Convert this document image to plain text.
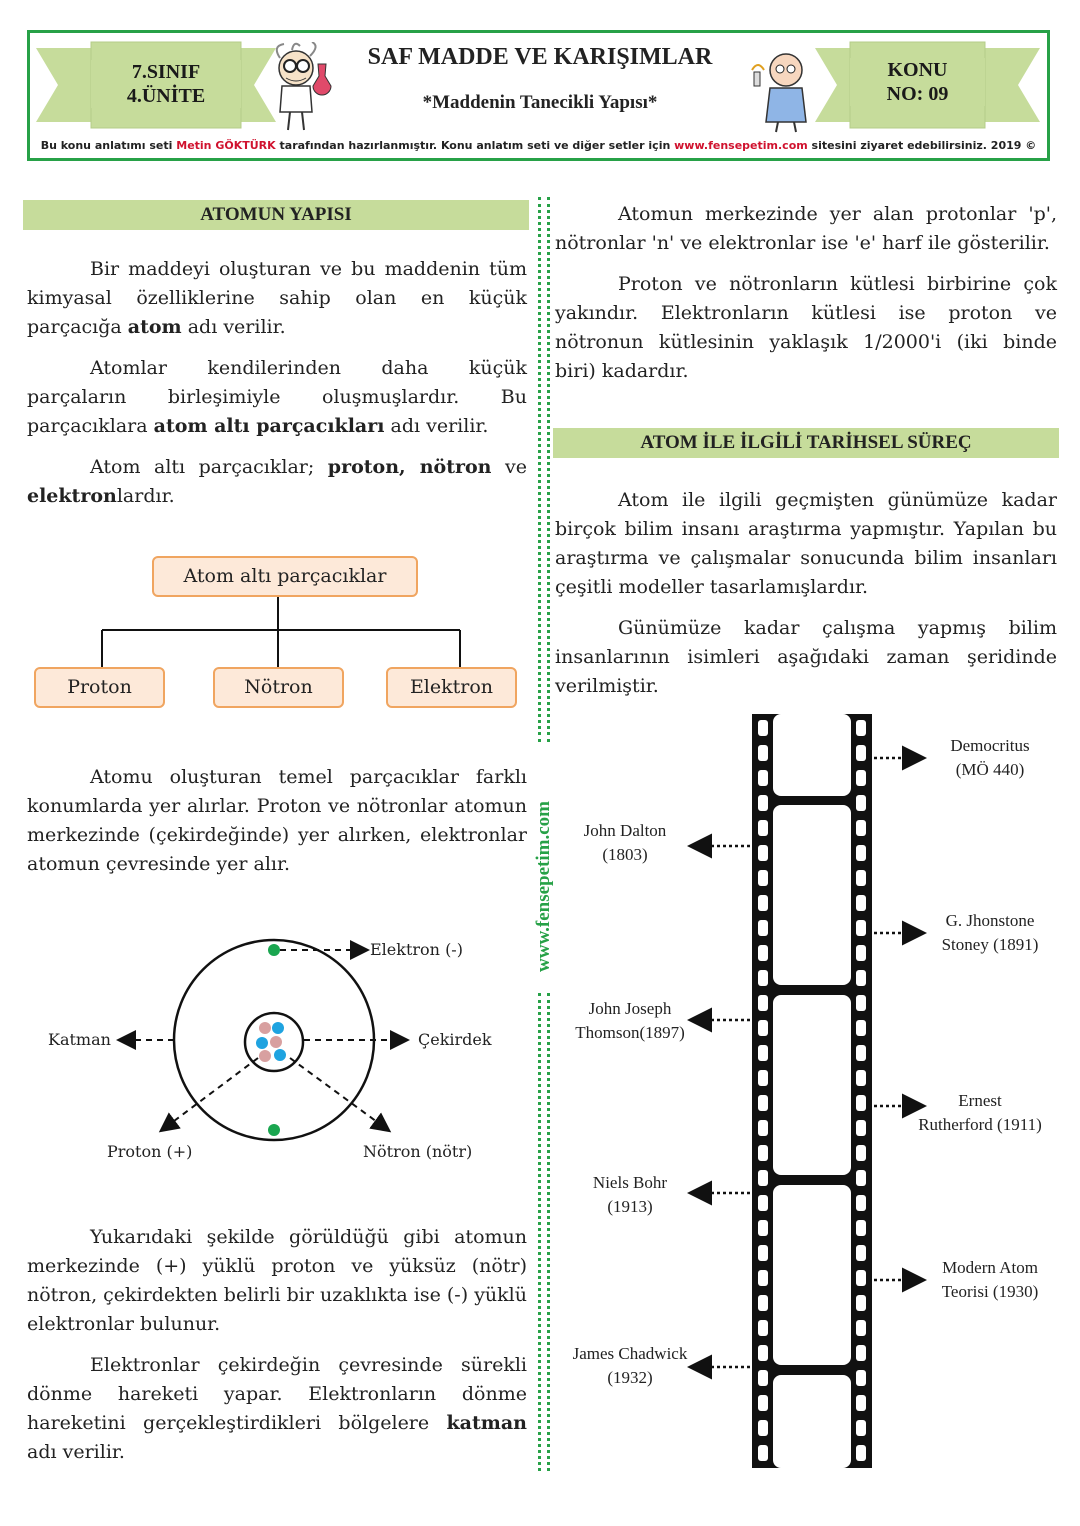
7.SINIF
4.ÜNİTE
KONU
NO: 09
SAF MADDE VE KARIŞIMLAR
*Maddenin Tanecikli Yapısı*
Bu konu anlatımı seti Metin GÖKTÜRK tarafından hazırlanmıştır. Konu anlatım seti ve diğer setler için www.fensepetim.com sitesini ziyaret edebilirsiniz. 2019 ©
www.fensepetim.com
ATOMUN YAPISI

Bir maddeyi oluşturan ve bu maddenin tüm kimyasal özelliklerine sahip olan en küçük parçacığa atom adı verilir.

Atomlar kendilerinden daha küçük parçaların birleşimiyle oluşmuşlardır. Bu parçacıklara atom altı parçacıkları adı verilir.

Atom altı parçacıklar; proton, nötron ve elektronlardır.

Atom altı parçacıklar
Proton	Nötron	Elektron

Atomu oluşturan temel parçacıklar farklı konumlarda yer alırlar. Proton ve nötronlar atomun merkezinde (çekirdeğinde) yer alırken, elektronlar atomun çevresinde yer alır.

Elektron (-)
Katman	Çekirdek
Proton (+)	Nötron (nötr)

Yukarıdaki şekilde görüldüğü gibi atomun merkezinde (+) yüklü proton ve yüksüz (nötr) nötron, çekirdekten belirli bir uzaklıkta ise (-) yüklü elektronlar bulunur.

Elektronlar çekirdeğin çevresinde sürekli dönme hareketi yapar. Elektronların dönme hareketini gerçekleştirdikleri bölgelere katman adı verilir.

Atomun merkezinde yer alan protonlar 'p', nötronlar 'n' ve elektronlar ise 'e' harf ile gösterilir.

Proton ve nötronların kütlesi birbirine çok yakındır. Elektronların kütlesi ise proton ve nötronun kütlesinin yaklaşık 1/2000'i (iki binde biri) kadardır.

ATOM İLE İLGİLİ TARİHSEL SÜREÇ

Atom ile ilgili geçmişten günümüze kadar birçok bilim insanı araştırma yapmıştır. Yapılan bu araştırma ve çalışmalar sonucunda bilim insanları çeşitli modeller tasarlamışlardır.

Günümüze kadar çalışma yapmış bilim insanlarının isimleri aşağıdaki zaman şeridinde verilmiştir.

Democritus
(MÖ 440)
G. Jhonstone
Stoney (1891)
Ernest
Rutherford (1911)
Modern Atom
Teorisi (1930)
John Dalton
(1803)
John Joseph
Thomson(1897)
Niels Bohr
(1913)
James Chadwick
(1932)
